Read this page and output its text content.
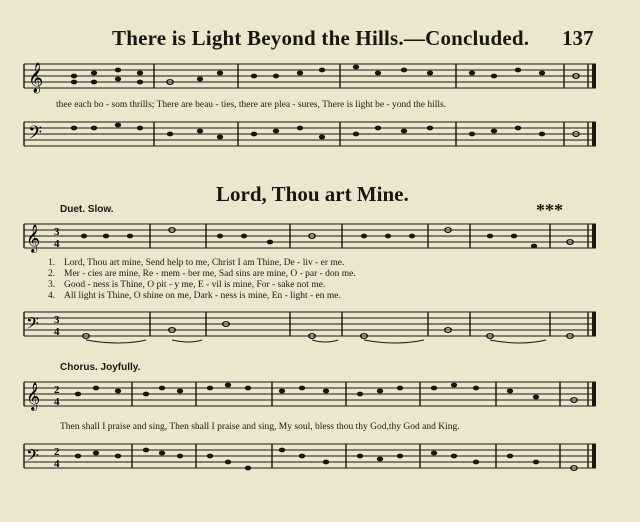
There is Light Beyond the Hills.—Concluded. 137
𝄞
thee each bo - som thrills; There are beau - ties, there are plea - sures, There is light be - yond the hills.
𝄢
Lord, Thou art Mine.
Duet. Slow.	***
𝄞 3
4
1. Lord, Thou art mine, Send help to me, Christ I am Thine, De - liv - er me.
2. Mer - cies are mine, Re - mem - ber me, Sad sins are mine, O - par - don me.
3. Good - ness is Thine, O pit - y me, E - vil is mine, For - sake not me.
4. All light is Thine, O shine on me, Dark - ness is mine, En - light - en me.
𝄢 3
4
Chorus. Joyfully.
𝄞 2
4
Then shall I praise and sing, Then shall I praise and sing, My soul, bless thou thy God,thy God and King.
𝄢 2
4
